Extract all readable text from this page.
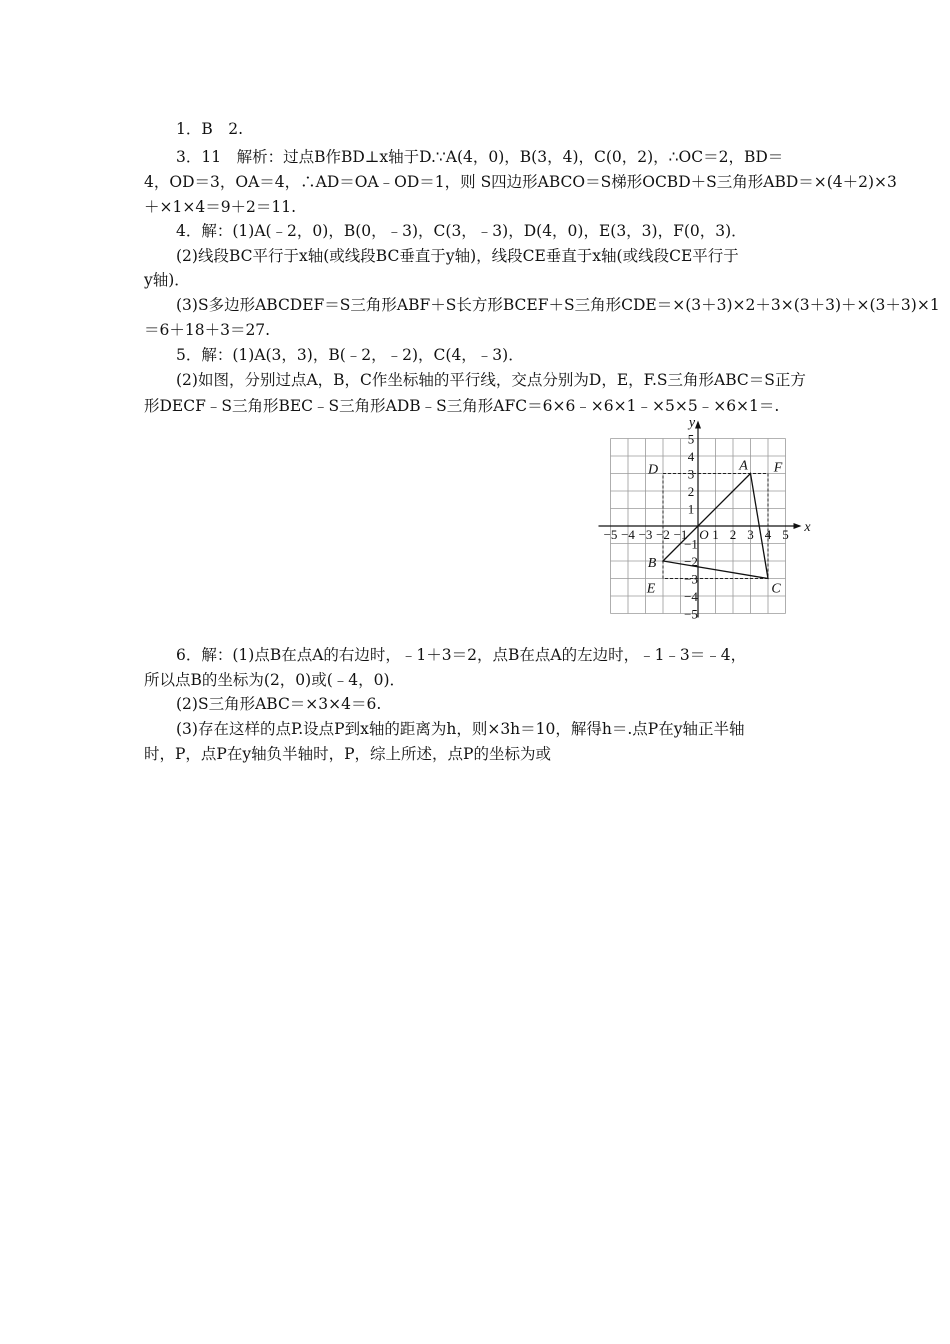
1．B　2.
3．11　解析：过点B作BD⊥x轴于D.∵A(4，0)，B(3，4)，C(0，2)，∴OC＝2，BD＝
4，OD＝3，OA＝4，∴AD＝OA﹣OD＝1，则 S四边形ABCO＝S梯形OCBD＋S三角形ABD＝×(4＋2)×3
＋×1×4＝9＋2＝11.
4．解：(1)A(﹣2，0)，B(0，﹣3)，C(3，﹣3)，D(4，0)，E(3，3)，F(0，3)．
(2)线段BC平行于x轴(或线段BC垂直于y轴)，线段CE垂直于x轴(或线段CE平行于
y轴)．
(3)S多边形ABCDEF＝S三角形ABF＋S长方形BCEF＋S三角形CDE＝×(3＋3)×2＋3×(3＋3)＋×(3＋3)×1
＝6＋18＋3＝27.
5．解：(1)A(3，3)，B(﹣2，﹣2)，C(4，﹣3)．
(2)如图，分别过点A，B，C作坐标轴的平行线，交点分别为D，E，F.S三角形ABC＝S正方
形DECF﹣S三角形BEC﹣S三角形ADB﹣S三角形AFC＝6×6﹣×6×1﹣×5×5﹣×6×1＝.
−5 −4 −3 −2 −1 O 1 2 3 4 5
5
4
3
2
1
−1
−2
−3
−4
−5
x
y
A
B
C
D
E
F
6．解：(1)点B在点A的右边时，﹣1＋3＝2，点B在点A的左边时，﹣1﹣3＝﹣4，
所以点B的坐标为(2，0)或(﹣4，0)．
(2)S三角形ABC＝×3×4＝6.
(3)存在这样的点P.设点P到x轴的距离为h，则×3h＝10，解得h＝.点P在y轴正半轴
时，P，点P在y轴负半轴时，P，综上所述，点P的坐标为或
